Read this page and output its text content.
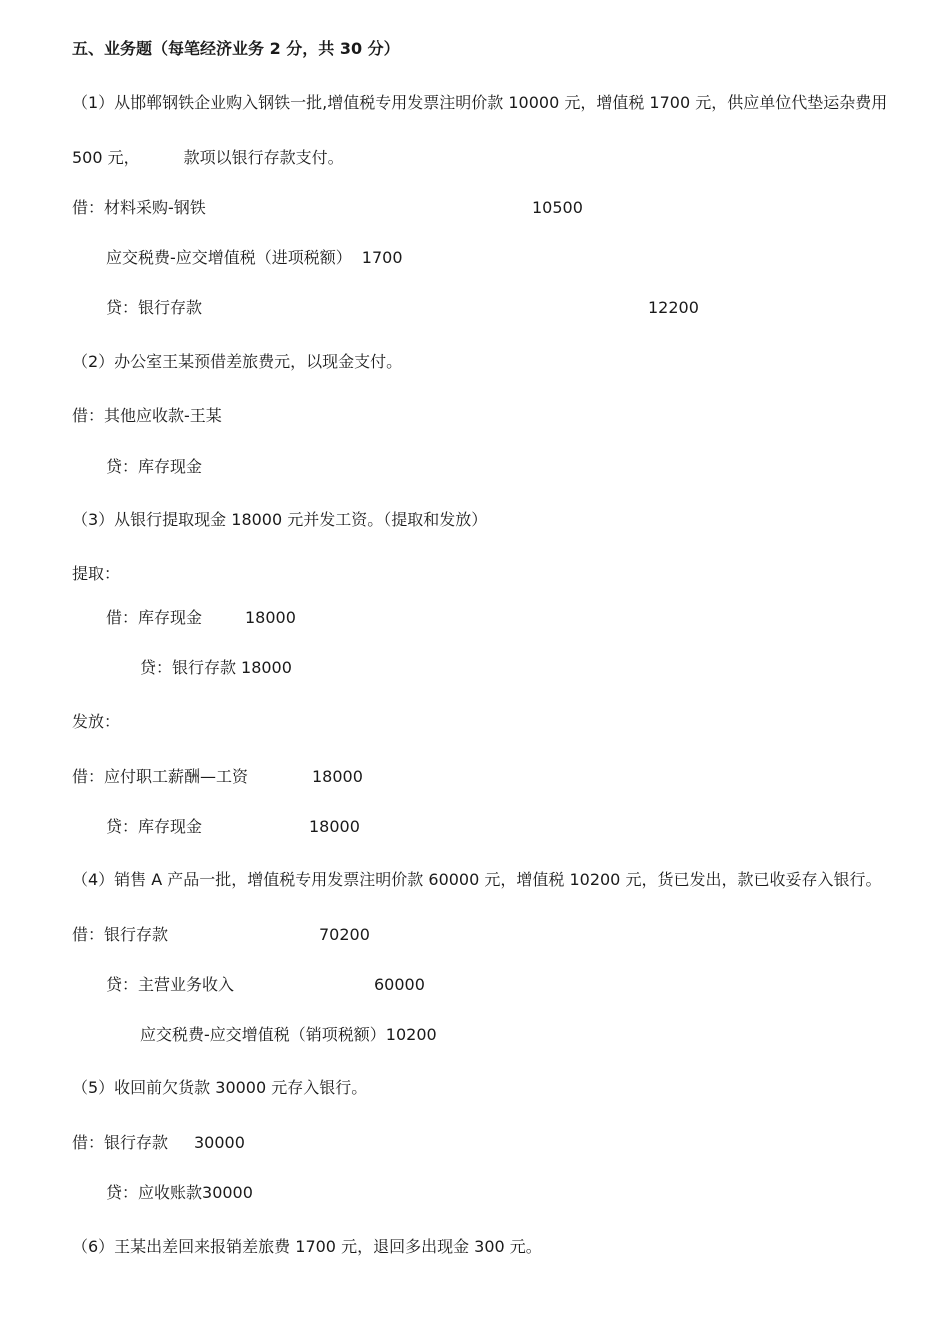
五、业务题（每笔经济业务 2 分，共 30 分）
（1）从邯郸钢铁企业购入钢铁一批,增值税专用发票注明价款 10000 元，增值税 1700 元，供应单位代垫运杂费用
500 元，	款项以银行存款支付。
借：材料采购-钢铁	10500
应交税费-应交增值税（进项税额） 1700
贷：银行存款	12200
（2）办公室王某预借差旅费元，以现金支付。
借：其他应收款-王某
贷：库存现金
（3）从银行提取现金 18000 元并发工资。（提取和发放）
提取：
借：库存现金	18000
贷：银行存款 18000
发放：
借：应付职工薪酬—工资	18000
贷：库存现金	18000
（4）销售 A 产品一批，增值税专用发票注明价款 60000 元，增值税 10200 元，货已发出，款已收妥存入银行。
借：银行存款	70200
贷：主营业务收入	60000
应交税费-应交增值税（销项税额）10200
（5）收回前欠货款 30000 元存入银行。
借：银行存款 30000
贷：应收账款30000
（6）王某出差回来报销差旅费 1700 元，退回多出现金 300 元。
